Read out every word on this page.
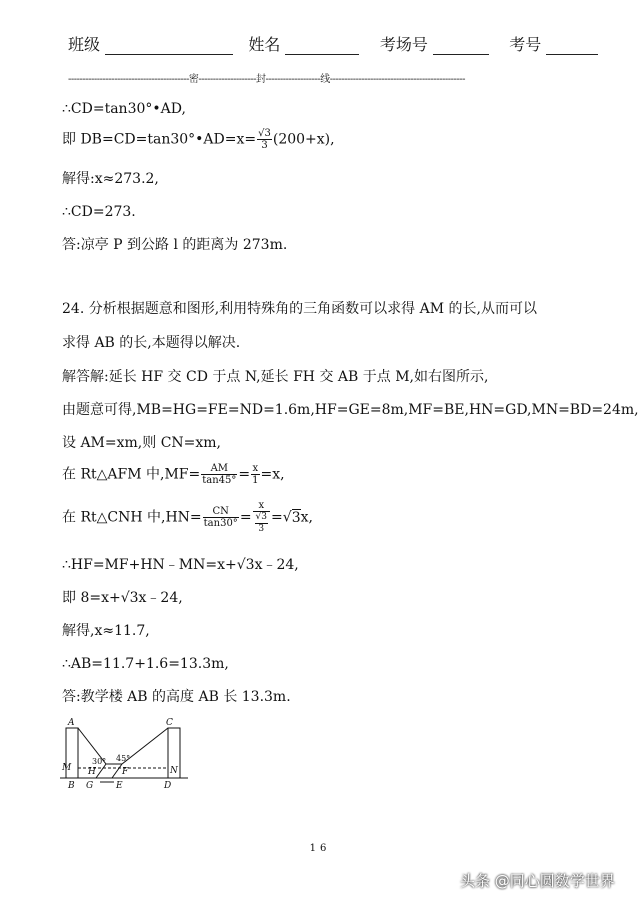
班级	姓名	考场号	考号
------------------------------------------密--------------------封-------------------线-----------------------------------------------
∴CD=tan30°•AD,
即 DB=CD=tan30°•AD=x= $\frac{√3}{3} (200+x)$,
解得:x≈273.2,
∴CD=273.
答:凉亭 P 到公路 l 的距离为 273m.
24. 分析根据题意和图形,利用特殊角的三角函数可以求得 AM 的长,从而可以
求得 AB 的长,本题得以解决.
解答解:延长 HF 交 CD 于点 N,延长 FH 交 AB 于点 M,如右图所示,
由题意可得,MB=HG=FE=ND=1.6m,HF=GE=8m,MF=BE,HN=GD,MN=BD=24m,
设 AM=xm,则 CN=xm,
在 Rt△AFM 中$,MF= \frac{AM}{\tan 45^\circ} = \frac{x}{1} =x$,
在 Rt△CNH 中$,HN= \frac{CN}{\tan 30^\circ} = \frac{x}{\frac{√3}{3}} =√3x$,
∴HF=MF+HN﹣MN=x+√3x﹣24,
即 8=x+√3x﹣24,
解得,x≈11.7,
∴AB=11.7+1.6=13.3m,
答:教学楼 AB 的高度 AB 长 13.3m.
A	C
M	N
H	F
B G	E	D
30° 45°
16
头条 @同心圆数学世界
